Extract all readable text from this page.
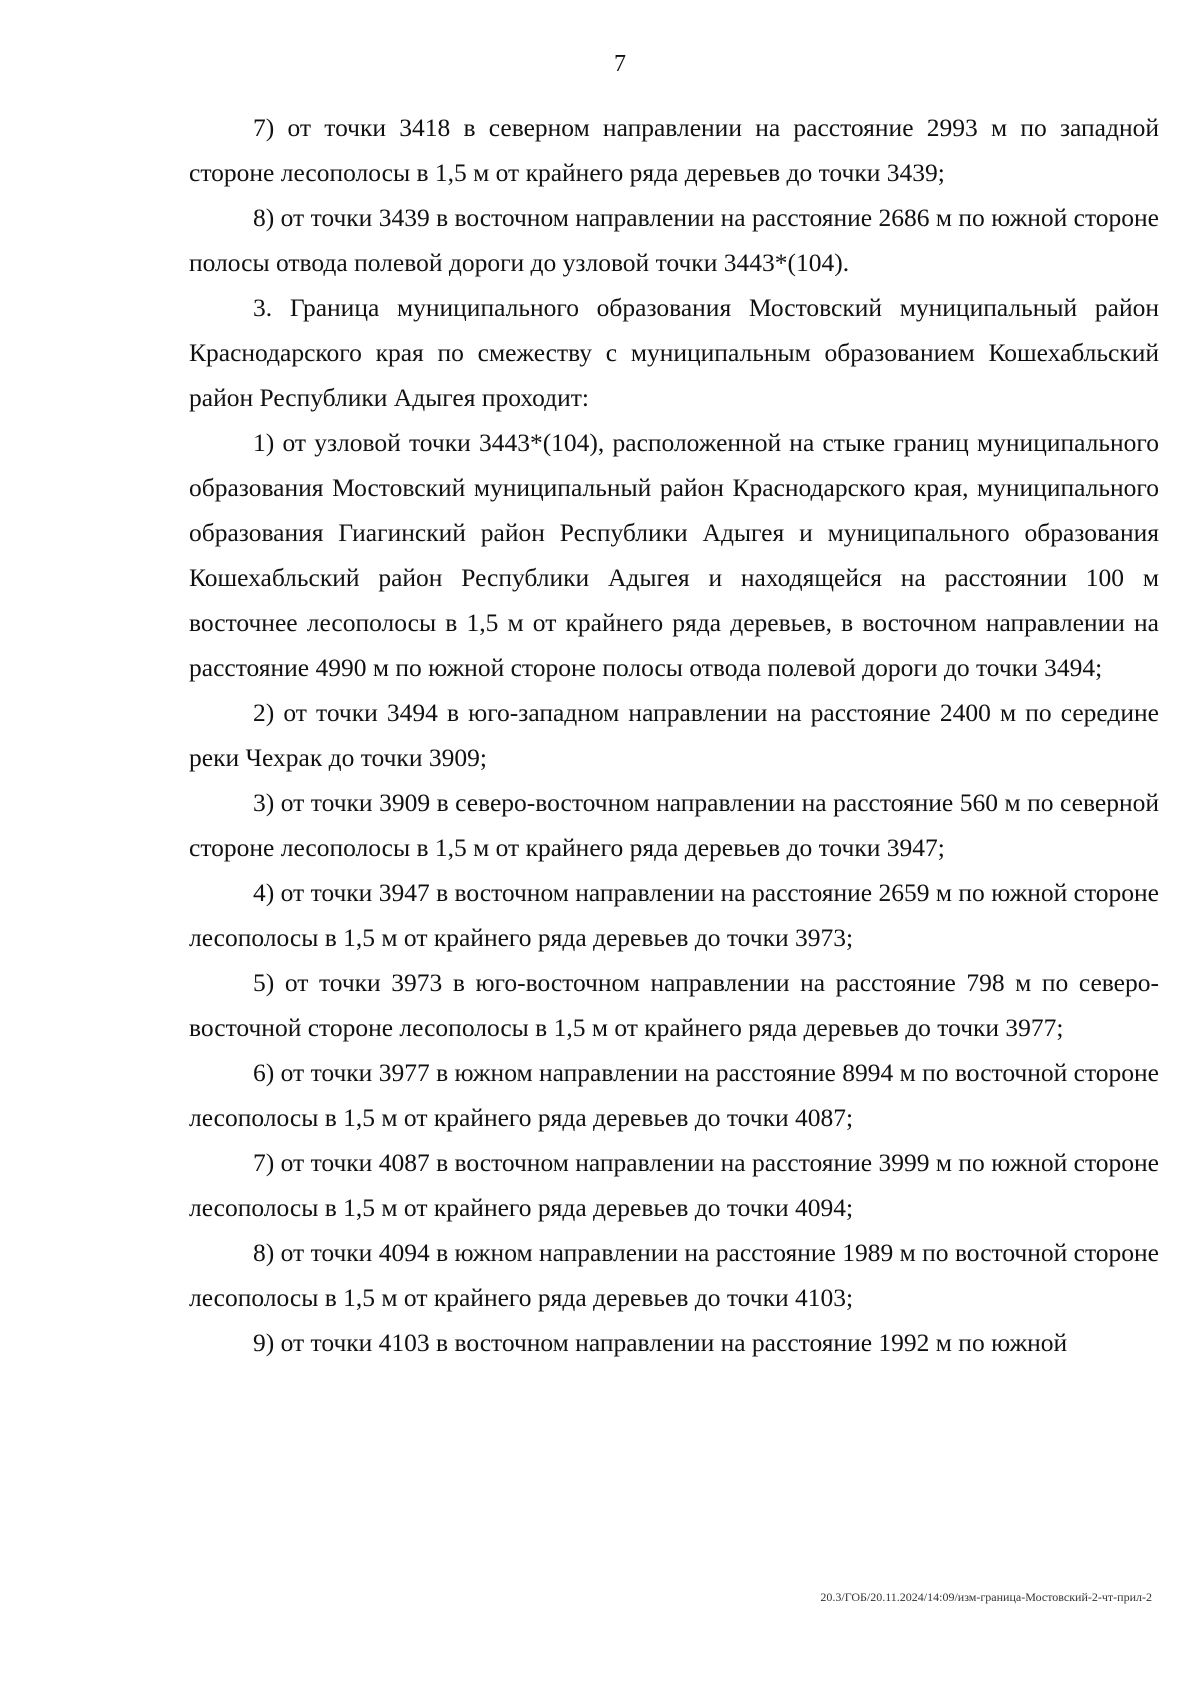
7

7) от точки 3418 в северном направлении на расстояние 2993 м по западной стороне лесополосы в 1,5 м от крайнего ряда деревьев до точки 3439;

8) от точки 3439 в восточном направлении на расстояние 2686 м по южной стороне полосы отвода полевой дороги до узловой точки 3443*(104).

3. Граница муниципального образования Мостовский муниципальный район Краснодарского края по смежеству с муниципальным образованием Кошехабльский район Республики Адыгея проходит:

1) от узловой точки 3443*(104), расположенной на стыке границ муниципального образования Мостовский муниципальный район Краснодарского края, муниципального образования Гиагинский район Республики Адыгея и муниципального образования Кошехабльский район Республики Адыгея и находящейся на расстоянии 100 м восточнее лесополосы в 1,5 м от крайнего ряда деревьев, в восточном направлении на расстояние 4990 м по южной стороне полосы отвода полевой дороги до точки 3494;

2) от точки 3494 в юго-западном направлении на расстояние 2400 м по середине реки Чехрак до точки 3909;

3) от точки 3909 в северо-восточном направлении на расстояние 560 м по северной стороне лесополосы в 1,5 м от крайнего ряда деревьев до точки 3947;

4) от точки 3947 в восточном направлении на расстояние 2659 м по южной стороне лесополосы в 1,5 м от крайнего ряда деревьев до точки 3973;

5) от точки 3973 в юго-восточном направлении на расстояние 798 м по северо-восточной стороне лесополосы в 1,5 м от крайнего ряда деревьев до точки 3977;

6) от точки 3977 в южном направлении на расстояние 8994 м по восточной стороне лесополосы в 1,5 м от крайнего ряда деревьев до точки 4087;

7) от точки 4087 в восточном направлении на расстояние 3999 м по южной стороне лесополосы в 1,5 м от крайнего ряда деревьев до точки 4094;

8) от точки 4094 в южном направлении на расстояние 1989 м по восточной стороне лесополосы в 1,5 м от крайнего ряда деревьев до точки 4103;

9) от точки 4103 в восточном направлении на расстояние 1992 м по южной

20.3/ГОБ/20.11.2024/14:09/изм-граница-Мостовский-2-чт-прил-2
